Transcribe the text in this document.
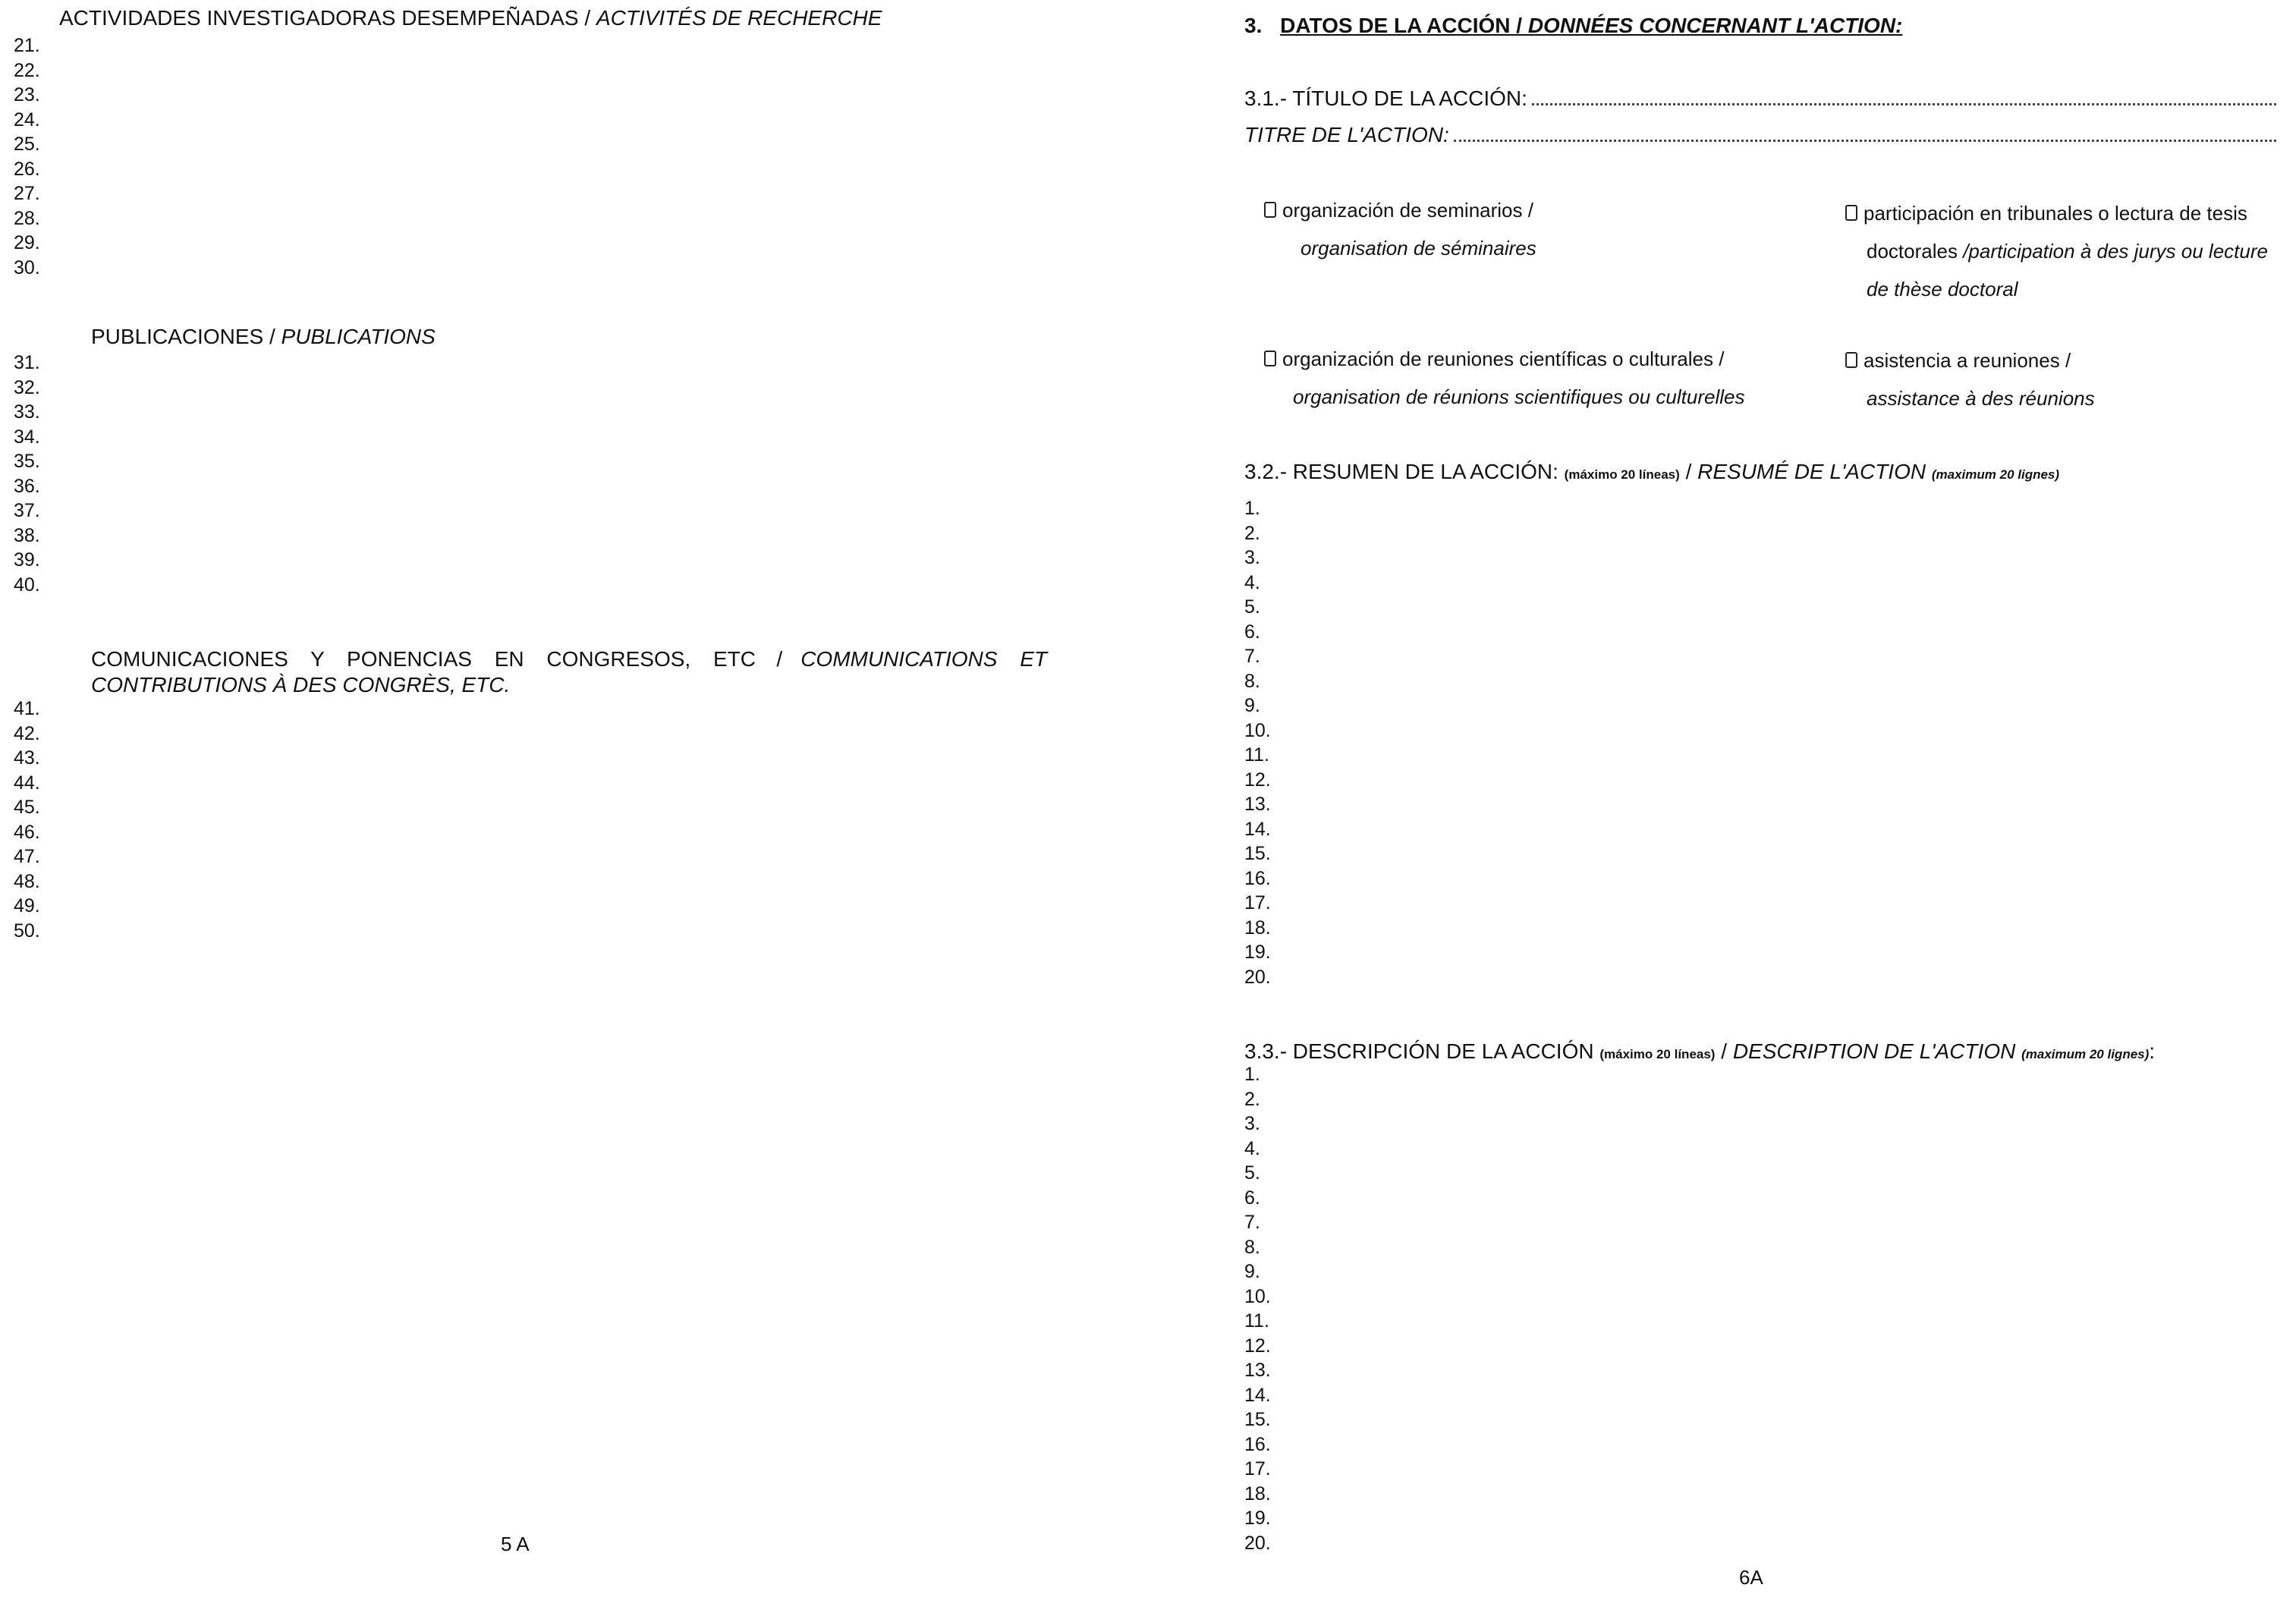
ACTIVIDADES INVESTIGADORAS DESEMPEÑADAS / ACTIVITÉS DE RECHERCHE
21.
22.
23.
24.
25.
26.
27.
28.
29.
30.
PUBLICACIONES / PUBLICATIONS
31.
32.
33.
34.
35.
36.
37.
38.
39.
40.
COMUNICACIONES Y PONENCIAS EN CONGRESOS, ETC / COMMUNICATIONS ET
CONTRIBUTIONS À DES CONGRÈS, ETC.
41.
42.
43.
44.
45.
46.
47.
48.
49.
50.
5 A
3. DATOS DE LA ACCIÓN / DONNÉES CONCERNANT L'ACTION:
3.1.- TÍTULO DE LA ACCIÓN:
TITRE DE L'ACTION:
organización de seminarios /
organisation de séminaires
participación en tribunales o lectura de tesis
doctorales /participation à des jurys ou lecture
de thèse doctoral
organización de reuniones científicas o culturales /
organisation de réunions scientifiques ou culturelles
asistencia a reuniones /
assistance à des réunions
3.2.- RESUMEN DE LA ACCIÓN: (máximo 20 líneas) / RESUMÉ DE L'ACTION (maximum 20 lignes)
1.
2.
3.
4.
5.
6.
7.
8.
9.
10.
11.
12.
13.
14.
15.
16.
17.
18.
19.
20.
3.3.- DESCRIPCIÓN DE LA ACCIÓN (máximo 20 líneas) / DESCRIPTION DE L'ACTION (maximum 20 lignes):
1.
2.
3.
4.
5.
6.
7.
8.
9.
10.
11.
12.
13.
14.
15.
16.
17.
18.
19.
20.
6A
